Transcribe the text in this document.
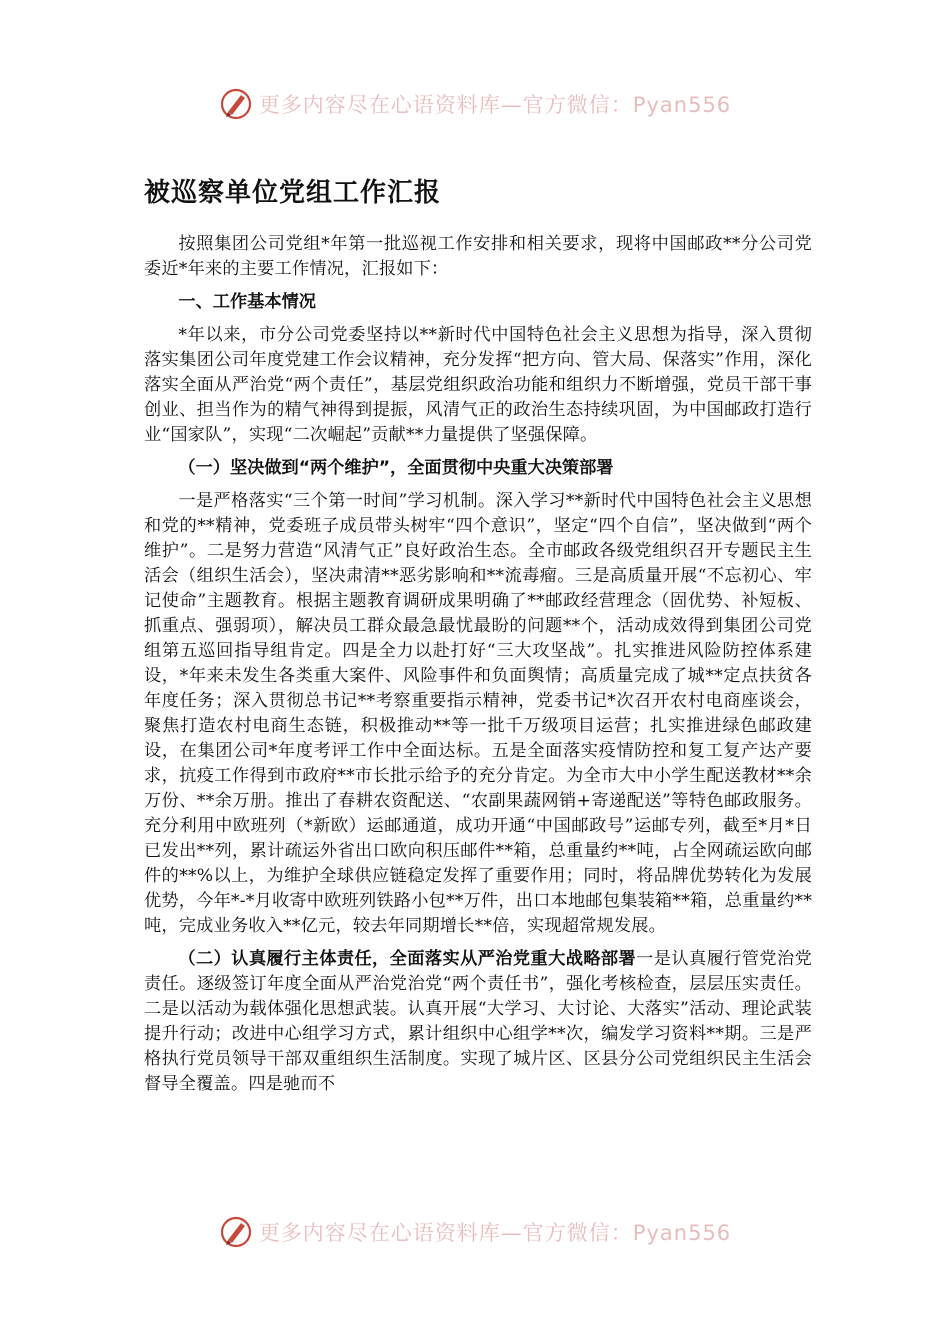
更多内容尽在心语资料库—官方微信：Pyan556
被巡察单位党组工作汇报

按照集团公司党组*年第一批巡视工作安排和相关要求，现将中国邮政**分公司党委近*年来的主要工作情况，汇报如下：

一、工作基本情况

*年以来，市分公司党委坚持以**新时代中国特色社会主义思想为指导，深入贯彻落实集团公司年度党建工作会议精神，充分发挥“把方向、管大局、保落实”作用，深化落实全面从严治党“两个责任”，基层党组织政治功能和组织力不断增强，党员干部干事创业、担当作为的精气神得到提振，风清气正的政治生态持续巩固，为中国邮政打造行业“国家队”，实现“二次崛起”贡献**力量提供了坚强保障。

（一）坚决做到“两个维护”，全面贯彻中央重大决策部署

一是严格落实“三个第一时间”学习机制。深入学习**新时代中国特色社会主义思想和党的**精神，党委班子成员带头树牢“四个意识”，坚定“四个自信”，坚决做到“两个维护”。二是努力营造“风清气正”良好政治生态。全市邮政各级党组织召开专题民主生活会（组织生活会），坚决肃清**恶劣影响和**流毒瘤。三是高质量开展“不忘初心、牢记使命”主题教育。根据主题教育调研成果明确了**邮政经营理念（固优势、补短板、抓重点、强弱项），解决员工群众最急最忧最盼的问题**个，活动成效得到集团公司党组第五巡回指导组肯定。四是全力以赴打好“三大攻坚战”。扎实推进风险防控体系建设，*年来未发生各类重大案件、风险事件和负面舆情；高质量完成了城**定点扶贫各年度任务；深入贯彻总书记**考察重要指示精神，党委书记*次召开农村电商座谈会，聚焦打造农村电商生态链，积极推动**等一批千万级项目运营；扎实推进绿色邮政建设，在集团公司*年度考评工作中全面达标。五是全面落实疫情防控和复工复产达产要求，抗疫工作得到市政府**市长批示给予的充分肯定。为全市大中小学生配送教材**余万份、**余万册。推出了春耕农资配送、“农副果蔬网销+寄递配送”等特色邮政服务。充分利用中欧班列（*新欧）运邮通道，成功开通“中国邮政号”运邮专列，截至*月*日已发出**列，累计疏运外省出口欧向积压邮件**箱，总重量约**吨，占全网疏运欧向邮件的**%以上，为维护全球供应链稳定发挥了重要作用；同时，将品牌优势转化为发展优势，今年*-*月收寄中欧班列铁路小包**万件，出口本地邮包集装箱**箱，总重量约**吨，完成业务收入**亿元，较去年同期增长**倍，实现超常规发展。

（二）认真履行主体责任，全面落实从严治党重大战略部署一是认真履行管党治党责任。逐级签订年度全面从严治党治党“两个责任书”，强化考核检查，层层压实责任。二是以活动为载体强化思想武装。认真开展“大学习、大讨论、大落实”活动、理论武装提升行动；改进中心组学习方式，累计组织中心组学**次，编发学习资料**期。三是严格执行党员领导干部双重组织生活制度。实现了城片区、区县分公司党组织民主生活会督导全覆盖。四是驰而不

更多内容尽在心语资料库—官方微信：Pyan556
